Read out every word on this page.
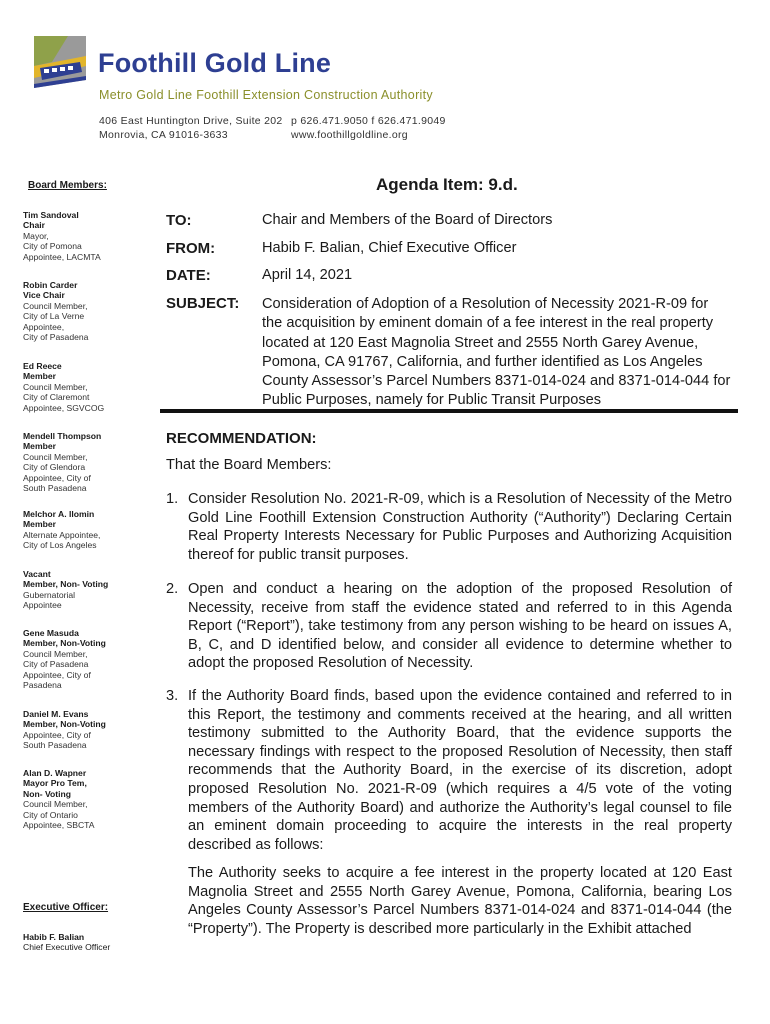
Foothill Gold Line
Metro Gold Line Foothill Extension Construction Authority
406 East Huntington Drive, Suite 202
Monrovia, CA 91016-3633
p 626.471.9050 f 626.471.9049
www.foothillgoldline.org
Board Members:
Tim Sandoval
Chair
Mayor,
City of Pomona
Appointee, LACMTA
Robin Carder
Vice Chair
Council Member,
City of La Verne
Appointee,
City of Pasadena
Ed Reece
Member
Council Member,
City of Claremont
Appointee, SGVCOG
Mendell Thompson
Member
Council Member,
City of Glendora
Appointee, City of
South Pasadena
Melchor A. Ilomin
Member
Alternate Appointee,
City of Los Angeles
Vacant
Member, Non- Voting
Gubernatorial
Appointee
Gene Masuda
Member, Non-Voting
Council Member,
City of Pasadena
Appointee, City of
Pasadena
Daniel M. Evans
Member, Non-Voting
Appointee, City of
South Pasadena
Alan D. Wapner
Mayor Pro Tem,
Non- Voting
Council Member,
City of Ontario
Appointee, SBCTA
Executive Officer:
Habib F. Balian
Chief Executive Officer
Agenda Item: 9.d.
TO:	Chair and Members of the Board of Directors
FROM:	Habib F. Balian, Chief Executive Officer
DATE:	April 14, 2021
SUBJECT: Consideration of Adoption of a Resolution of Necessity 2021-R-09 for the acquisition by eminent domain of a fee interest in the real property located at 120 East Magnolia Street and 2555 North Garey Avenue, Pomona, CA 91767, California, and further identified as Los Angeles County Assessor’s Parcel Numbers 8371-014-024 and 8371-014-044 for Public Purposes, namely for Public Transit Purposes
RECOMMENDATION:
That the Board Members:
1. Consider Resolution No. 2021-R-09, which is a Resolution of Necessity of the Metro Gold Line Foothill Extension Construction Authority (“Authority”) Declaring Certain Real Property Interests Necessary for Public Purposes and Authorizing Acquisition thereof for public transit purposes.
2. Open and conduct a hearing on the adoption of the proposed Resolution of Necessity, receive from staff the evidence stated and referred to in this Agenda Report (“Report”), take testimony from any person wishing to be heard on issues A, B, C, and D identified below, and consider all evidence to determine whether to adopt the proposed Resolution of Necessity.
3. If the Authority Board finds, based upon the evidence contained and referred to in this Report, the testimony and comments received at the hearing, and all written testimony submitted to the Authority Board, that the evidence supports the necessary findings with respect to the proposed Resolution of Necessity, then staff recommends that the Authority Board, in the exercise of its discretion, adopt proposed Resolution No. 2021-R-09 (which requires a 4/5 vote of the voting members of the Authority Board) and authorize the Authority’s legal counsel to file an eminent domain proceeding to acquire the interests in the real property described as follows:
The Authority seeks to acquire a fee interest in the property located at 120 East Magnolia Street and 2555 North Garey Avenue, Pomona, California, bearing Los Angeles County Assessor’s Parcel Numbers 8371-014-024 and 8371-014-044 (the “Property”). The Property is described more particularly in the Exhibit attached
